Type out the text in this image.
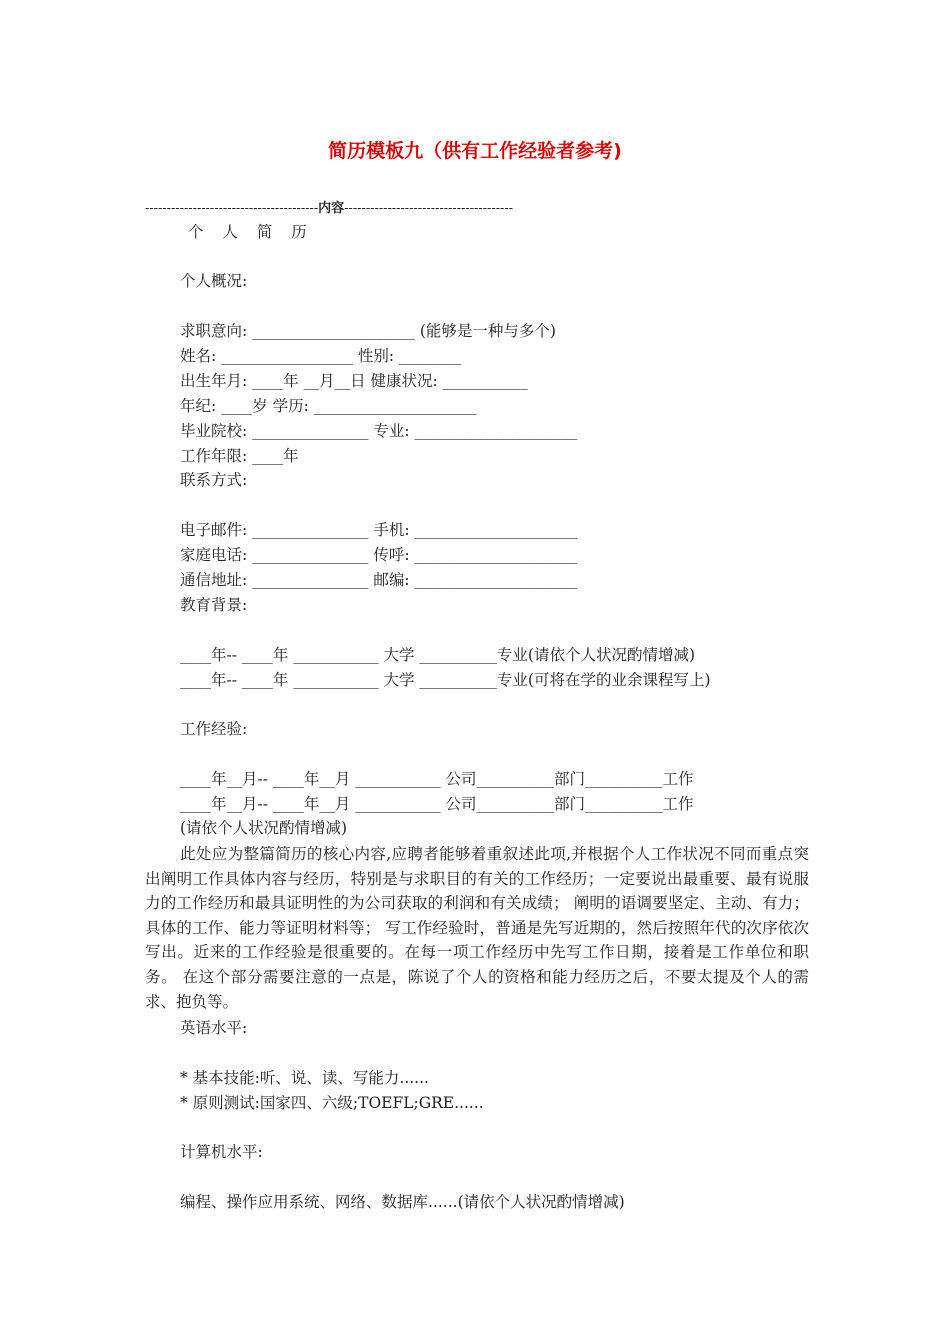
简历模板九（供有工作经验者参考)
----------------------------------------内容---------------------------------------
个 人 简 历
个人概况:
求职意向: _____________________ (能够是一种与多个)
姓名: _________________ 性别: ________
出生年月: ____年 __月__日 健康状况: ___________
年纪: ____岁 学历: _____________________
毕业院校: _______________ 专业: _____________________
工作年限: ____年
联系方式:
电子邮件: _______________ 手机: _____________________
家庭电话: _______________ 传呼: _____________________
通信地址: _______________ 邮编: _____________________
教育背景:
____年-- ____年 ___________ 大学 __________专业(请依个人状况酌情增减)
____年-- ____年 ___________ 大学 __________专业(可将在学的业余课程写上)
工作经验:
____年__月-- ____年__月 ___________ 公司__________部门__________工作
____年__月-- ____年__月 ___________ 公司__________部门__________工作
(请依个人状况酌情增减)
此处应为整篇简历的核心内容,应聘者能够着重叙述此项,并根据个人工作状况不同而重点突出阐明工作具体内容与经历，特别是与求职目的有关的工作经历；一定要说出最重要、最有说服力的工作经历和最具证明性的为公司获取的利润和有关成绩； 阐明的语调要坚定、主动、有力； 具体的工作、能力等证明材料等； 写工作经验时，普通是先写近期的，然后按照年代的次序依次写出。近来的工作经验是很重要的。在每一项工作经历中先写工作日期，接着是工作单位和职务。 在这个部分需要注意的一点是，陈说了个人的资格和能力经历之后，不要太提及个人的需求、抱负等。
英语水平:
* 基本技能:听、说、读、写能力......
* 原则测试:国家四、六级;TOEFL;GRE......
计算机水平:
编程、操作应用系统、网络、数据库......(请依个人状况酌情增减)
